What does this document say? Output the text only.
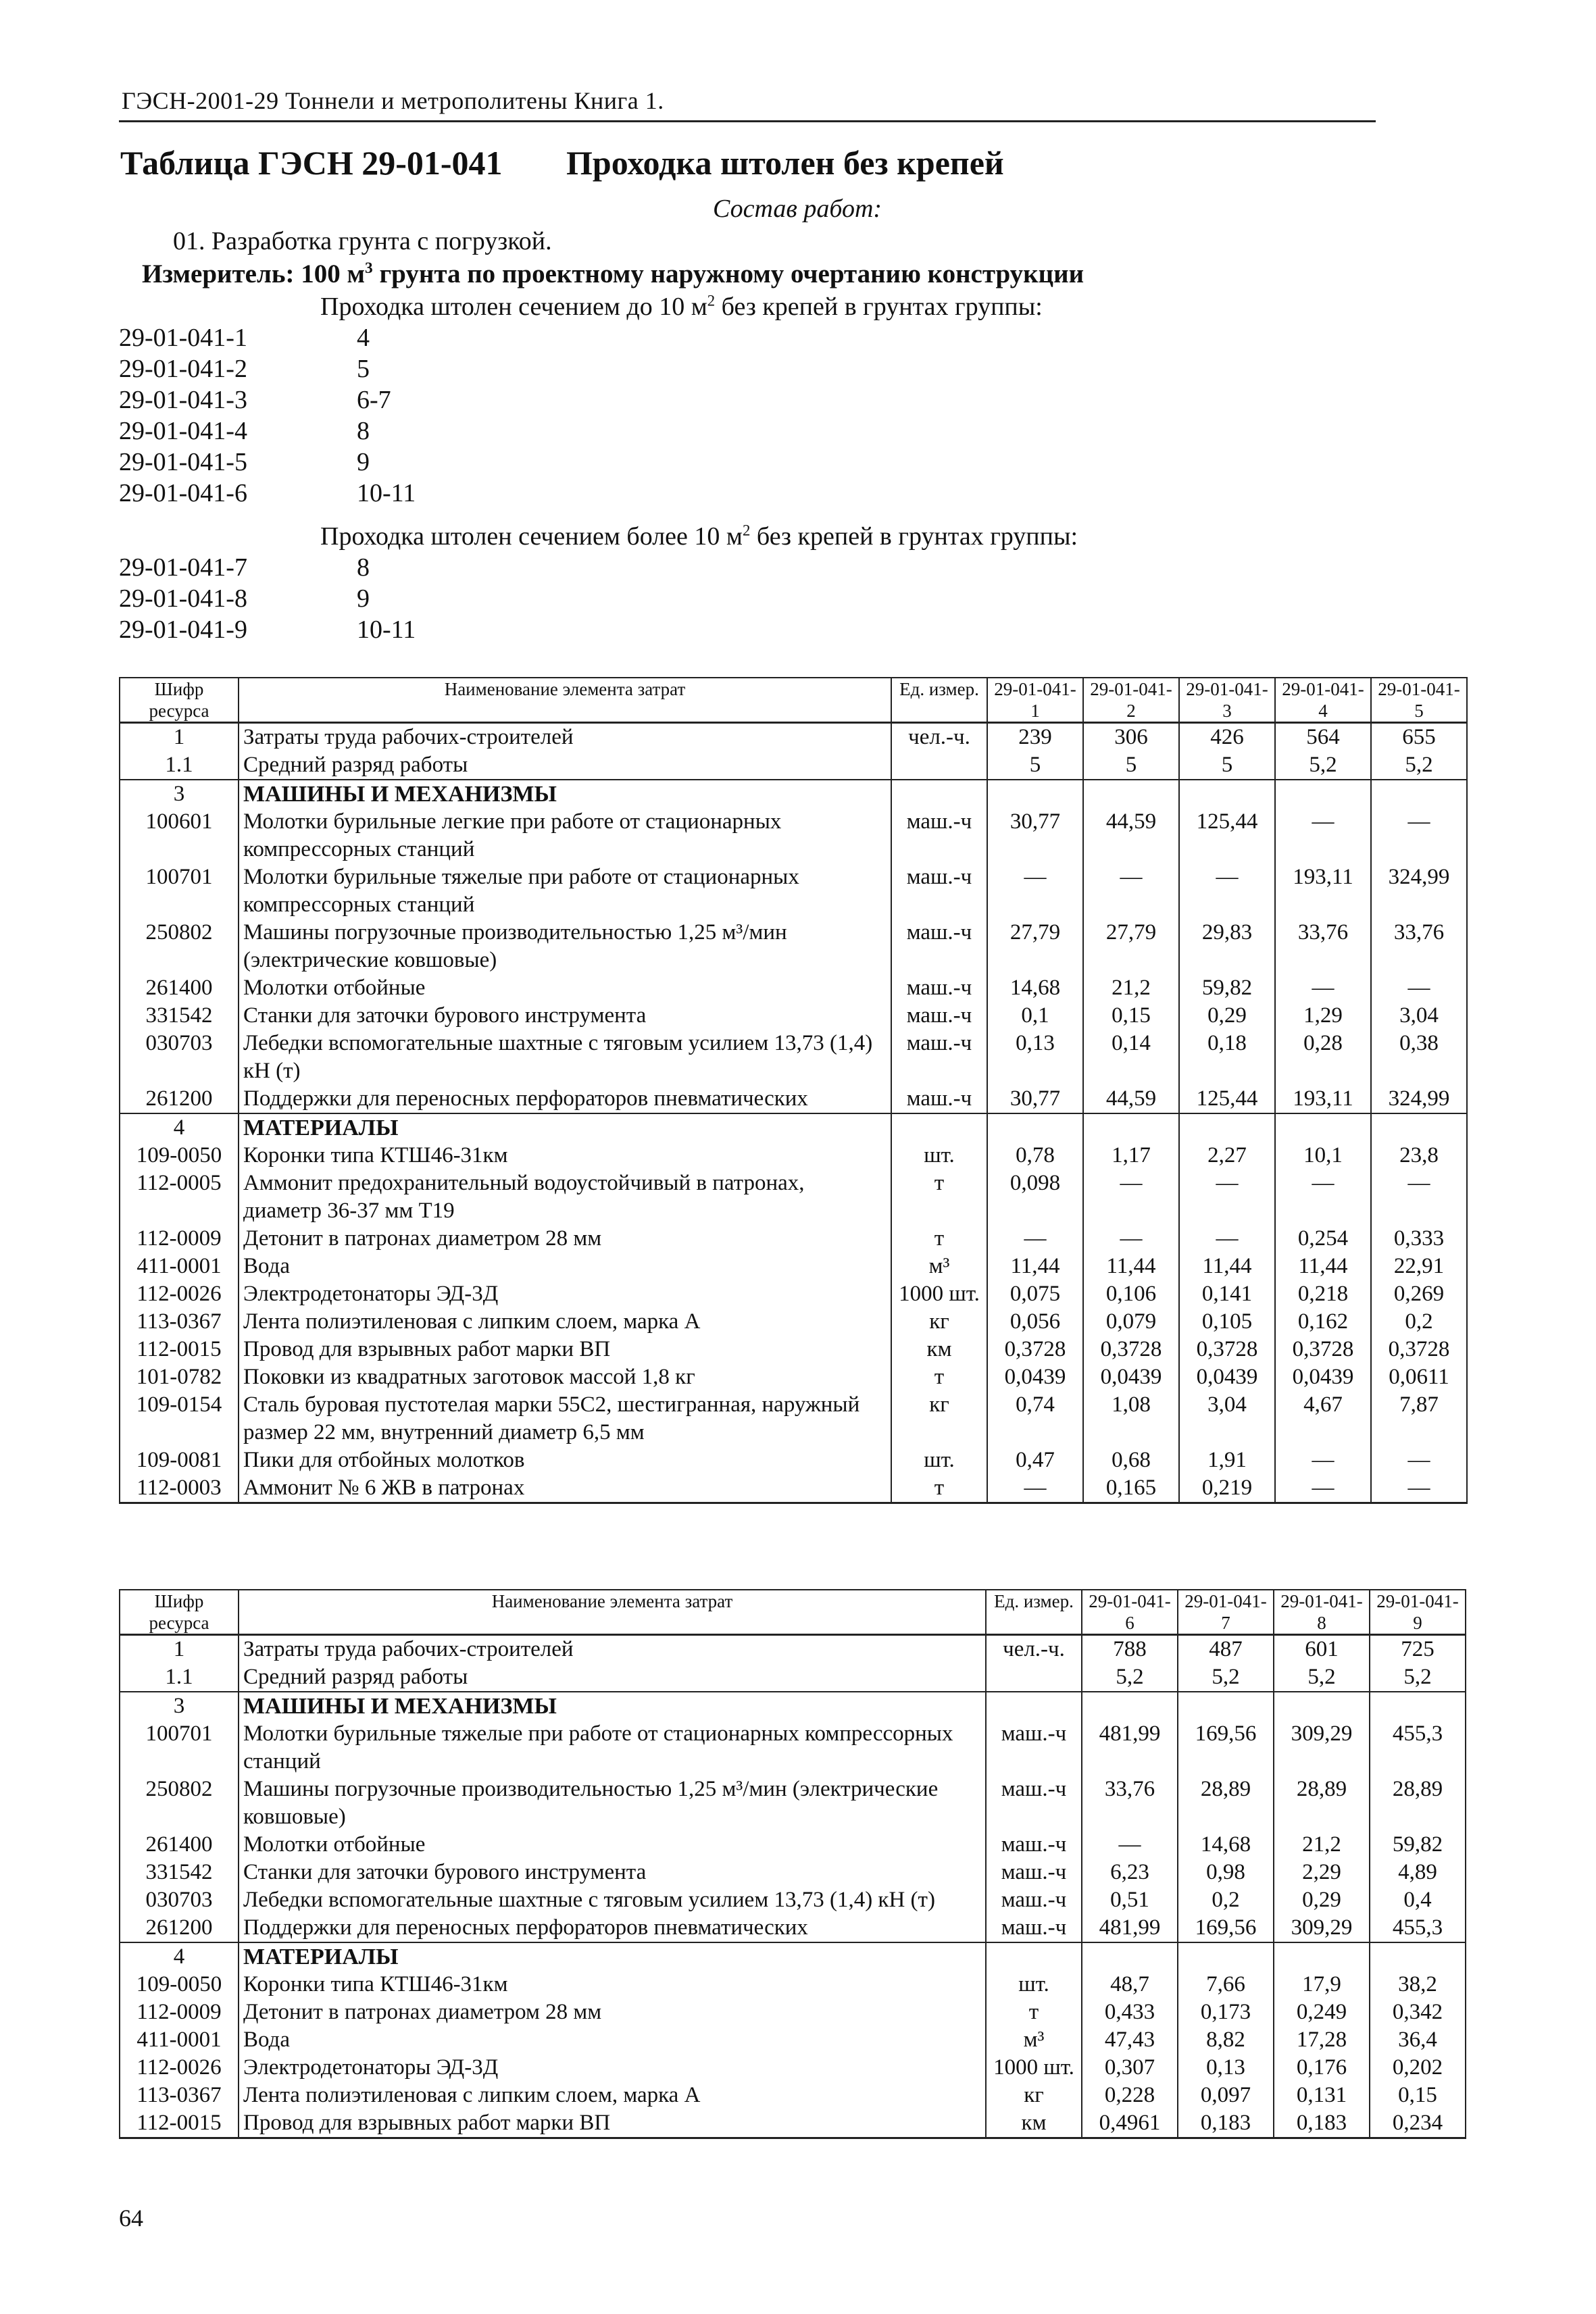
ГЭСН-2001-29 Тоннели и метрополитены Книга 1.
Таблица ГЭСН 29-01-041 Проходка штолен без крепей
Состав работ:
01. Разработка грунта с погрузкой.
Измеритель: 100 $м^3$ грунта по проектному наружному очертанию конструкции
Проходка штолен сечением до 10 $м^2$ без крепей в грунтах группы:
29-01-041-1	4
29-01-041-2	5
29-01-041-3	6-7
29-01-041-4	8
29-01-041-5	9
29-01-041-6	10-11
Проходка штолен сечением более 10 $м^2$ без крепей в грунтах группы:
29-01-041-7	8
29-01-041-8	9
29-01-041-9	10-11
Шифр ресурса	Наименование элемента затрат	Ед. измер.	29-01-041-1	29-01-041-2	29-01-041-3	29-01-041-4	29-01-041-5
1	Затраты труда рабочих-строителей	чел.-ч.	239	306	426	564	655
1.1	Средний разряд работы		5	5	5	5,2	5,2
3	МАШИНЫ И МЕХАНИЗМЫ						
100601	Молотки бурильные легкие при работе от стационарных компрессорных станций	маш.-ч	30,77	44,59	125,44	—	—
100701	Молотки бурильные тяжелые при работе от стационарных компрессорных станций	маш.-ч	—	—	—	193,11	324,99
250802	Машины погрузочные производительностью 1,25 м³/мин (электрические ковшовые)	маш.-ч	27,79	27,79	29,83	33,76	33,76
261400	Молотки отбойные	маш.-ч	14,68	21,2	59,82	—	—
331542	Станки для заточки бурового инструмента	маш.-ч	0,1	0,15	0,29	1,29	3,04
030703	Лебедки вспомогательные шахтные с тяговым усилием 13,73 (1,4) кН (т)	маш.-ч	0,13	0,14	0,18	0,28	0,38
261200	Поддержки для переносных перфораторов пневматических	маш.-ч	30,77	44,59	125,44	193,11	324,99
4	МАТЕРИАЛЫ						
109-0050	Коронки типа КТШ46-31км	шт.	0,78	1,17	2,27	10,1	23,8
112-0005	Аммонит предохранительный водоустойчивый в патронах, диаметр 36-37 мм Т19	т	0,098	—	—	—	—
112-0009	Детонит в патронах диаметром 28 мм	т	—	—	—	0,254	0,333
411-0001	Вода	м³	11,44	11,44	11,44	11,44	22,91
112-0026	Электродетонаторы ЭД-3Д	1000 шт.	0,075	0,106	0,141	0,218	0,269
113-0367	Лента полиэтиленовая с липким слоем, марка А	кг	0,056	0,079	0,105	0,162	0,2
112-0015	Провод для взрывных работ марки ВП	км	0,3728	0,3728	0,3728	0,3728	0,3728
101-0782	Поковки из квадратных заготовок массой 1,8 кг	т	0,0439	0,0439	0,0439	0,0439	0,0611
109-0154	Сталь буровая пустотелая марки 55С2, шестигранная, наружный размер 22 мм, внутренний диаметр 6,5 мм	кг	0,74	1,08	3,04	4,67	7,87
109-0081	Пики для отбойных молотков	шт.	0,47	0,68	1,91	—	—
112-0003	Аммонит № 6 ЖВ в патронах	т	—	0,165	0,219	—	—
Шифр ресурса	Наименование элемента затрат	Ед. измер.	29-01-041-6	29-01-041-7	29-01-041-8	29-01-041-9
1	Затраты труда рабочих-строителей	чел.-ч.	788	487	601	725
1.1	Средний разряд работы		5,2	5,2	5,2	5,2
3	МАШИНЫ И МЕХАНИЗМЫ					
100701	Молотки бурильные тяжелые при работе от стационарных компрессорных станций	маш.-ч	481,99	169,56	309,29	455,3
250802	Машины погрузочные производительностью 1,25 м³/мин (электрические ковшовые)	маш.-ч	33,76	28,89	28,89	28,89
261400	Молотки отбойные	маш.-ч	—	14,68	21,2	59,82
331542	Станки для заточки бурового инструмента	маш.-ч	6,23	0,98	2,29	4,89
030703	Лебедки вспомогательные шахтные с тяговым усилием 13,73 (1,4) кН (т)	маш.-ч	0,51	0,2	0,29	0,4
261200	Поддержки для переносных перфораторов пневматических	маш.-ч	481,99	169,56	309,29	455,3
4	МАТЕРИАЛЫ					
109-0050	Коронки типа КТШ46-31км	шт.	48,7	7,66	17,9	38,2
112-0009	Детонит в патронах диаметром 28 мм	т	0,433	0,173	0,249	0,342
411-0001	Вода	м³	47,43	8,82	17,28	36,4
112-0026	Электродетонаторы ЭД-3Д	1000 шт.	0,307	0,13	0,176	0,202
113-0367	Лента полиэтиленовая с липким слоем, марка А	кг	0,228	0,097	0,131	0,15
112-0015	Провод для взрывных работ марки ВП	км	0,4961	0,183	0,183	0,234
64
